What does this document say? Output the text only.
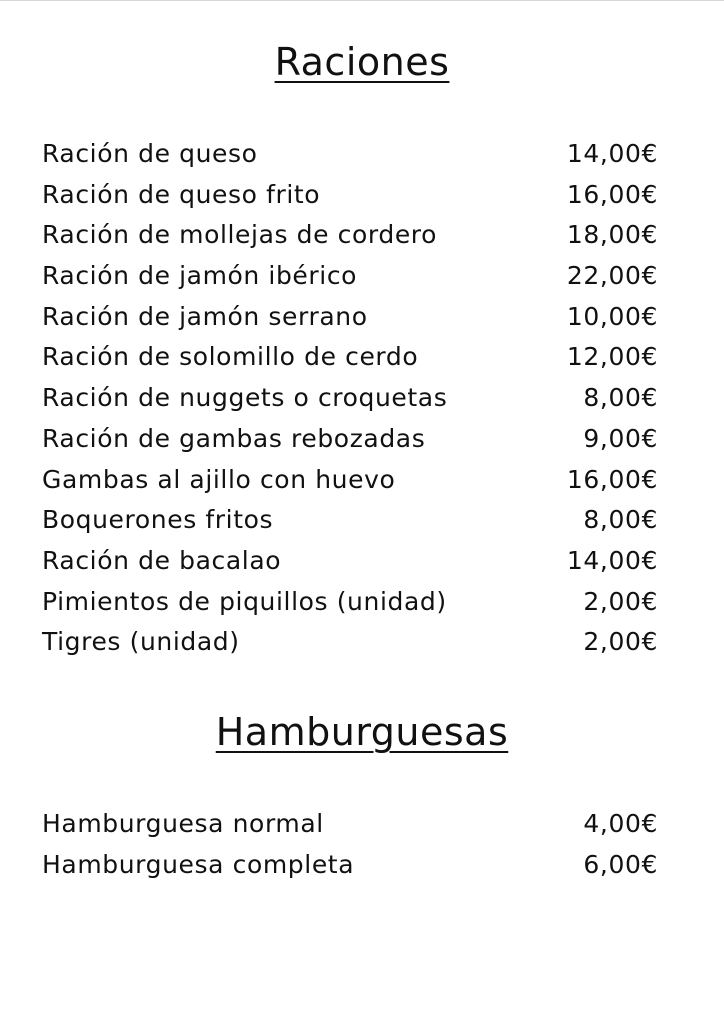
Raciones
Ración de queso	14,00€
Ración de queso frito	16,00€
Ración de mollejas de cordero	18,00€
Ración de jamón ibérico	22,00€
Ración de jamón serrano	10,00€
Ración de solomillo de cerdo	12,00€
Ración de nuggets o croquetas	8,00€
Ración de gambas rebozadas	9,00€
Gambas al ajillo con huevo	16,00€
Boquerones fritos	8,00€
Ración de bacalao	14,00€
Pimientos de piquillos (unidad)	2,00€
Tigres (unidad)	2,00€
Hamburguesas
Hamburguesa normal	4,00€
Hamburguesa completa	6,00€
